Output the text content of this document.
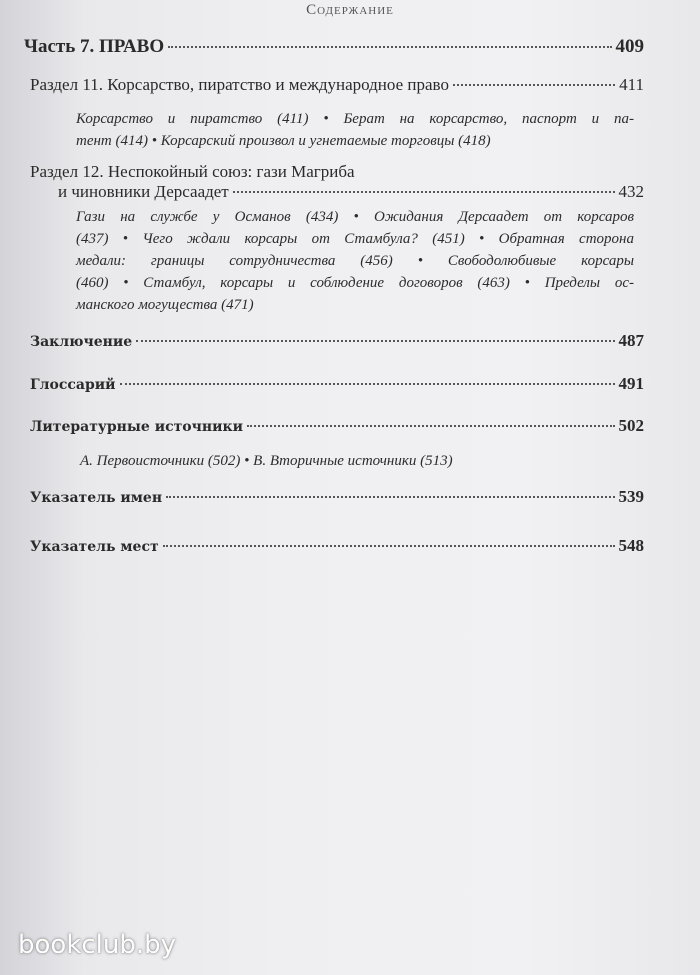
Содержание
Часть 7. ПРАВО	409
Раздел 11. Корсарство, пиратство и международное право	411
Корсарство и пиратство (411) • Берат на корсарство, паспорт и па-
тент (414) • Корсарский произвол и угнетаемые торговцы (418)
Раздел 12. Неспокойный союз: гази Магриба
и чиновники Дерсаадет	432
Гази на службе у Османов (434) • Ожидания Дерсаадет от корсаров
(437) • Чего ждали корсары от Стамбула? (451) • Обратная сторона
медали: границы сотрудничества (456) • Свободолюбивые корсары
(460) • Стамбул, корсары и соблюдение договоров (463) • Пределы ос-
манского могущества (471)
Заключение	487
Глоссарий	491
Литературные источники	502
A. Первоисточники (502) • B. Вторичные источники (513)
Указатель имен	539
Указатель мест	548
bookclub.by
